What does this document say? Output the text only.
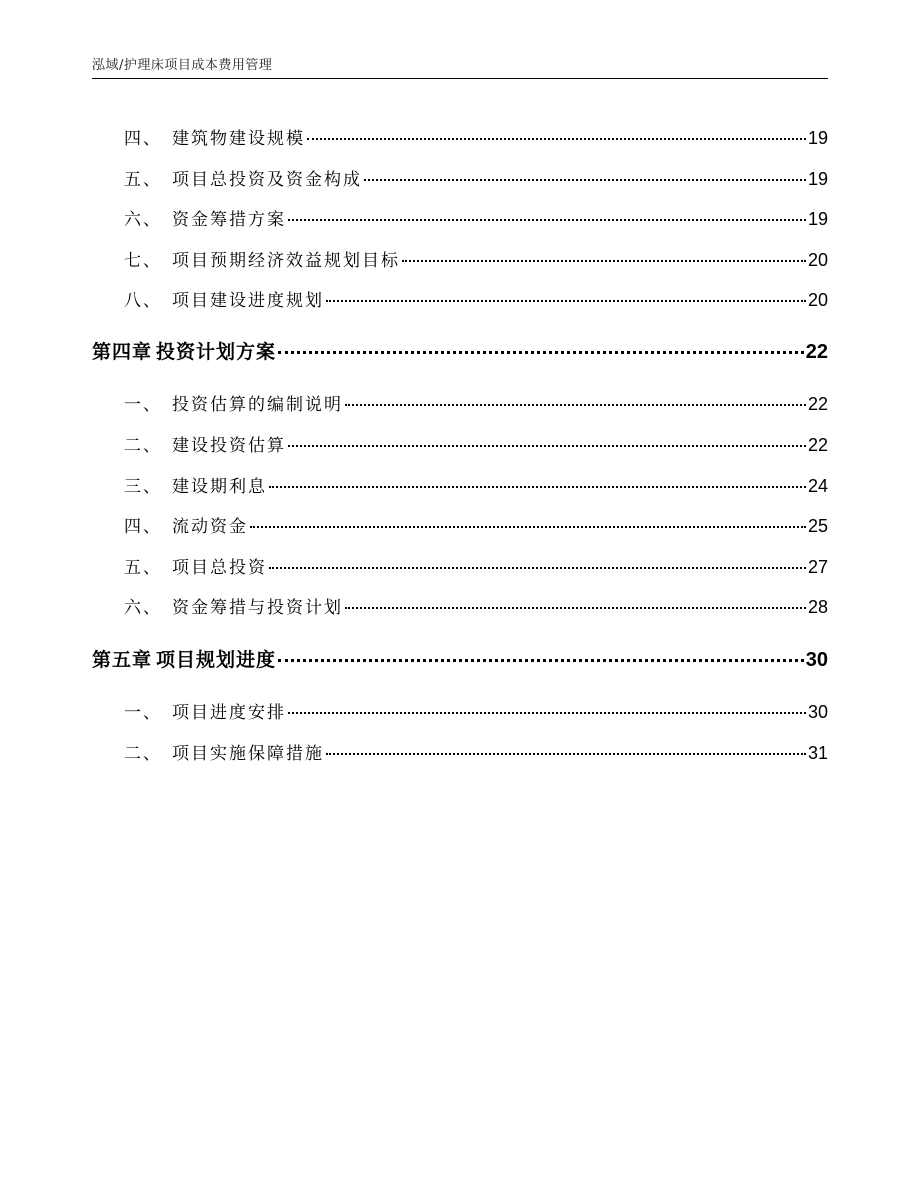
泓域/护理床项目成本费用管理
四、 建筑物建设规模	19
五、 项目总投资及资金构成	19
六、 资金筹措方案	19
七、 项目预期经济效益规划目标	20
八、 项目建设进度规划	20
第四章 投资计划方案	22
一、 投资估算的编制说明	22
二、 建设投资估算	22
三、 建设期利息	24
四、 流动资金	25
五、 项目总投资	27
六、 资金筹措与投资计划	28
第五章 项目规划进度	30
一、 项目进度安排	30
二、 项目实施保障措施	31
